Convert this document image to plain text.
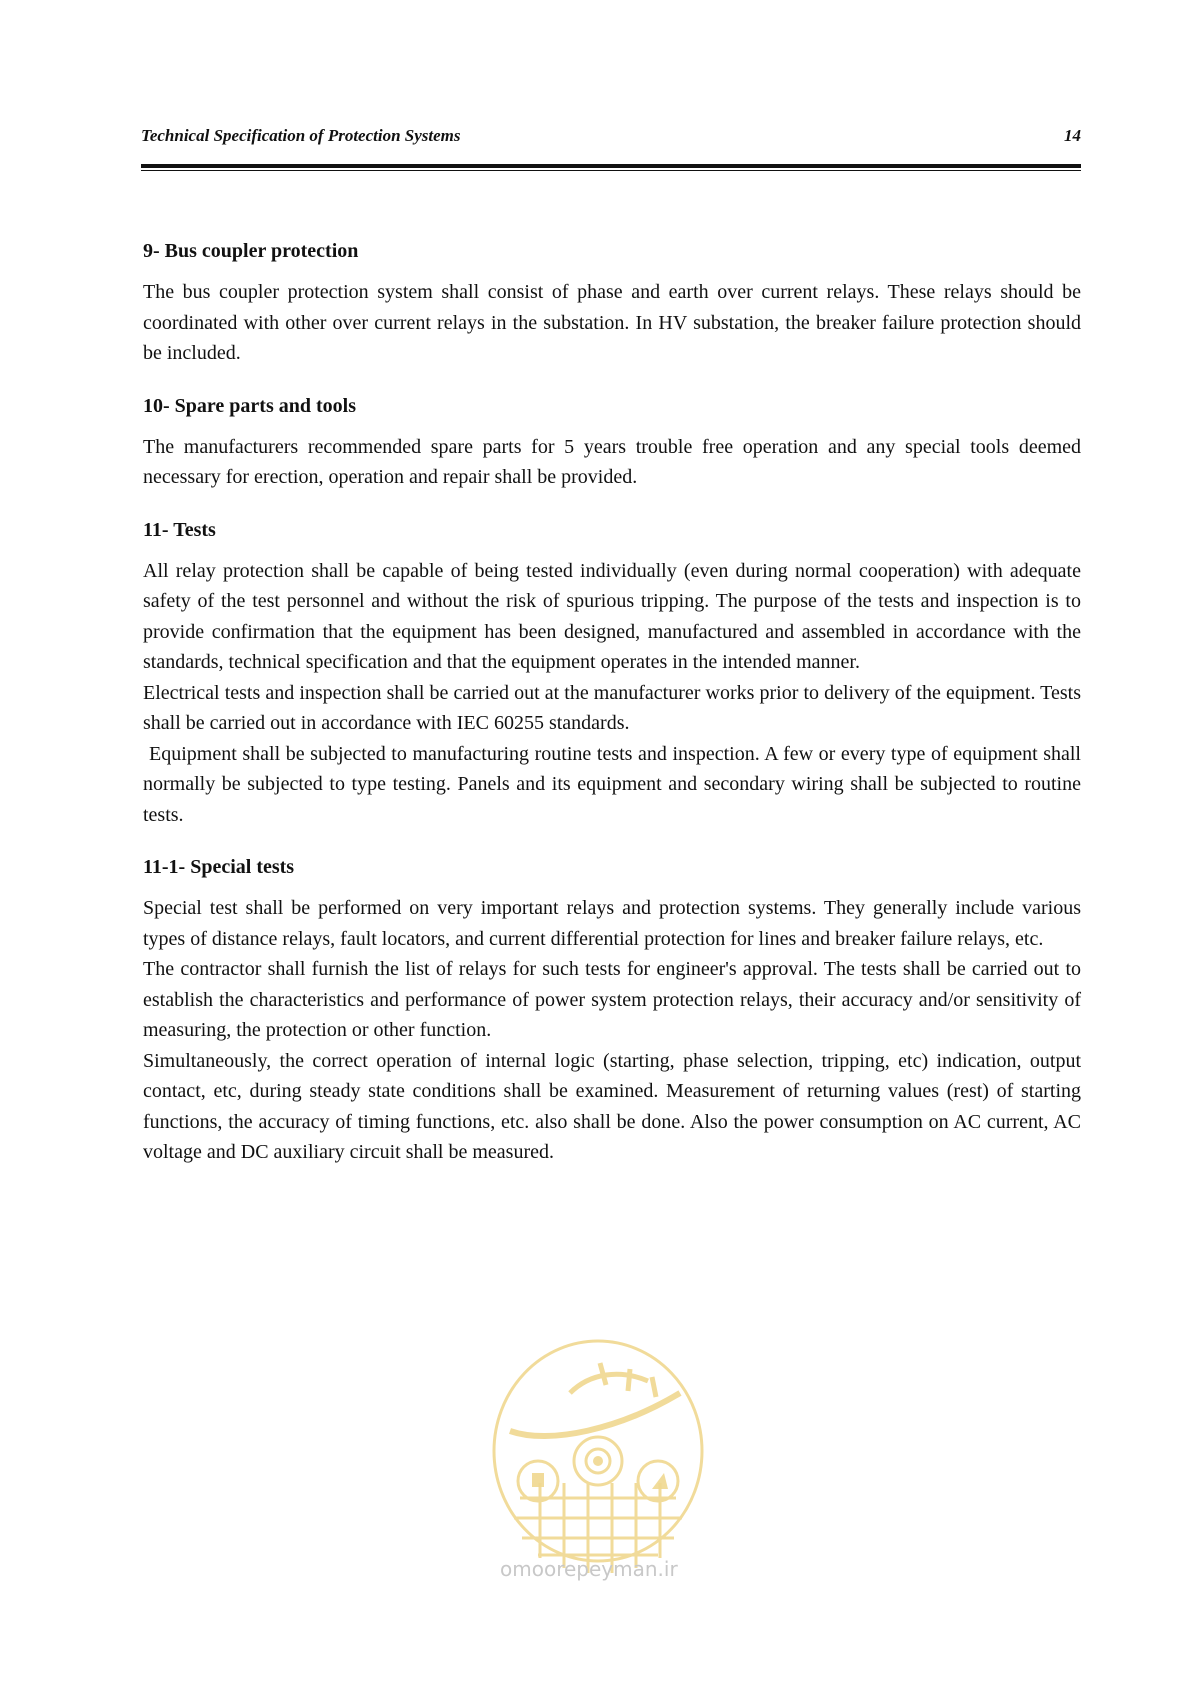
Technical Specification of Protection Systems	14
9- Bus coupler protection

The bus coupler protection system shall consist of phase and earth over current relays. These relays should be coordinated with other over current relays in the substation. In HV substation, the breaker failure protection should be included.

10- Spare parts and tools

The manufacturers recommended spare parts for 5 years trouble free operation and any special tools deemed necessary for erection, operation and repair shall be provided.

11- Tests

All relay protection shall be capable of being tested individually (even during normal cooperation) with adequate safety of the test personnel and without the risk of spurious tripping. The purpose of the tests and inspection is to provide confirmation that the equipment has been designed, manufactured and assembled in accordance with the standards, technical specification and that the equipment operates in the intended manner.

Electrical tests and inspection shall be carried out at the manufacturer works prior to delivery of the equipment. Tests shall be carried out in accordance with IEC 60255 standards.

Equipment shall be subjected to manufacturing routine tests and inspection. A few or every type of equipment shall normally be subjected to type testing. Panels and its equipment and secondary wiring shall be subjected to routine tests.

11-1- Special tests

Special test shall be performed on very important relays and protection systems. They generally include various types of distance relays, fault locators, and current differential protection for lines and breaker failure relays, etc.

The contractor shall furnish the list of relays for such tests for engineer's approval. The tests shall be carried out to establish the characteristics and performance of power system protection relays, their accuracy and/or sensitivity of measuring, the protection or other function.

Simultaneously, the correct operation of internal logic (starting, phase selection, tripping, etc) indication, output contact, etc, during steady state conditions shall be examined. Measurement of returning values (rest) of starting functions, the accuracy of timing functions, etc. also shall be done. Also the power consumption on AC current, AC voltage and DC auxiliary circuit shall be measured.

omoorepeyman.ir
